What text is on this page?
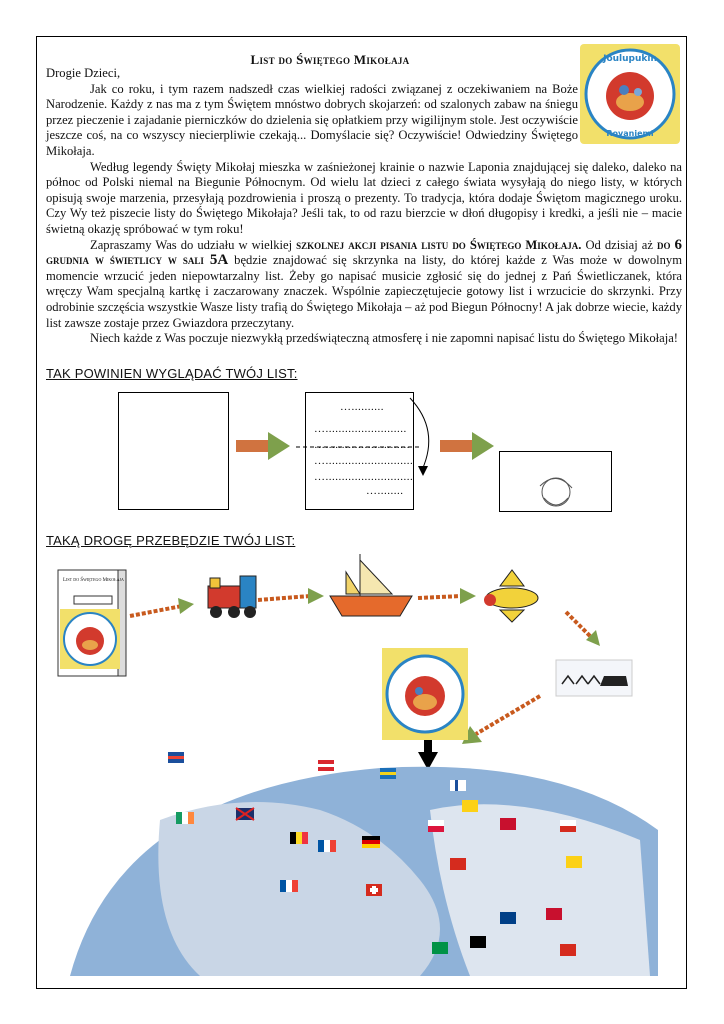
List do Świętego Mikołaja	Joulupukin
Rovaniemi

Drogie Dzieci,

Jak co roku, i tym razem nadszedł czas wielkiej radości związanej z oczekiwaniem na Boże Narodzenie. Każdy z nas ma z tym Świętem mnóstwo dobrych skojarzeń: od szalonych zabaw na śniegu przez pieczenie i zajadanie pierniczków do dzielenia się opłatkiem przy wigilijnym stole. Jest oczywiście jeszcze coś, na co wszyscy niecierpliwie czekają... Domyślacie się? Oczywiście! Odwiedziny Świętego Mikołaja.

Według legendy Święty Mikołaj mieszka w zaśnieżonej krainie o nazwie Laponia znajdującej się daleko, daleko na północ od Polski niemal na Biegunie Północnym. Od wielu lat dzieci z całego świata wysyłają do niego listy, w których opisują swoje marzenia, przesyłają pozdrowienia i proszą o prezenty. To tradycja, która dodaje Świętom magicznego uroku. Czy Wy też piszecie listy do Świętego Mikołaja? Jeśli tak, to od razu bierzcie w dłoń długopisy i kredki, a jeśli nie – macie świetną okazję spróbować w tym roku!

Zapraszamy Was do udziału w wielkiej szkolnej akcji pisania listu do Świętego Mikołaja. Od dzisiaj aż do 6 grudnia w świetlicy w sali 5A będzie znajdować się skrzynka na listy, do której każde z Was może w dowolnym momencie wrzucić jeden niepowtarzalny list. Żeby go napisać musicie zgłosić się do jednej z Pań Świetliczanek, która wręczy Wam specjalną kartkę i zaczarowany znaczek. Wspólnie zapieczętujecie gotowy list i wrzucicie do skrzynki. Przy odrobinie szczęścia wszystkie Wasze listy trafią do Świętego Mikołaja – aż pod Biegun Północny! A jak dobrze wiecie, każdy list zawsze zostaje przez Gwiazdora przeczytany.

Niech każde z Was poczuje niezwykłą przedświąteczną atmosferę i nie zapomni napisać listu do Świętego Mikołaja!

TAK POWINIEN WYGLĄDAĆ TWÓJ LIST:
…..........
….........................
…..........................
…...........................
…...........................
…........
TAKĄ DROGĘ PRZEBĘDZIE TWÓJ LIST:
List do Świętego Mikołaja
